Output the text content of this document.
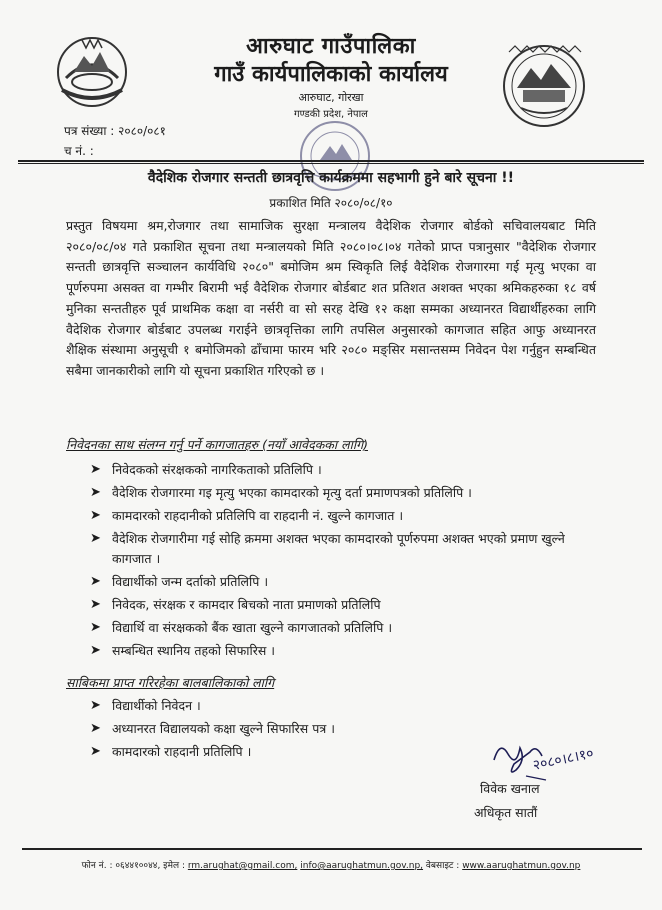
आरुघाट गाउँपालिका
गाउँ कार्यपालिकाको कार्यालय
आरुघाट, गोरखा
गण्डकी प्रदेश, नेपाल
पत्र संख्या : २०८०/०८१
च नं. :
वैदेशिक रोजगार सन्तती छात्रवृत्ति कार्यक्रममा सहभागी हुने बारे सूचना !!
प्रकाशित मिति २०८०/०८/१०
प्रस्तुत विषयमा श्रम,रोजगार तथा सामाजिक सुरक्षा मन्त्रालय वैदेशिक रोजगार बोर्डको सचिवालयबाट मिति २०८०/०८/०४ गते प्रकाशित सूचना तथा मन्त्रालयको मिति २०८०।०८।०४ गतेको प्राप्त पत्रानुसार "वैदेशिक रोजगार सन्तती छात्रवृत्ति सञ्चालन कार्यविधि २०८०" बमोजिम श्रम स्विकृति लिई वैदेशिक रोजगारमा गई मृत्यु भएका वा पूर्णरुपमा असक्त वा गम्भीर बिरामी भई वैदेशिक रोजगार बोर्डबाट शत प्रतिशत अशक्त भएका श्रमिकहरुका १८ वर्ष मुनिका सन्ततीहरु पूर्व प्राथमिक कक्षा वा नर्सरी वा सो सरह देखि १२ कक्षा सम्मका अध्यानरत विद्यार्थीहरुका लागि वैदेशिक रोजगार बोर्डबाट उपलब्ध गराईने छात्रवृत्तिका लागि तपसिल अनुसारको कागजात सहित आफु अध्यानरत शैक्षिक संस्थामा अनुसूची १ बमोजिमको ढाँचामा फारम भरि २०८० मङ्सिर मसान्तसम्म निवेदन पेश गर्नुहुन सम्बन्धित सबैमा जानकारीको लागि यो सूचना प्रकाशित गरिएको छ ।
निवेदनका साथ संलग्न गर्नु पर्ने कागजातहरु (नयाँ आवेदकका लागि)
➤ निवेदकको संरक्षकको नागरिकताको प्रतिलिपि ।
➤ वैदेशिक रोजगारमा गइ मृत्यु भएका कामदारको मृत्यु दर्ता प्रमाणपत्रको प्रतिलिपि ।
➤ कामदारको राहदानीको प्रतिलिपि वा राहदानी नं. खुल्ने कागजात ।
➤ वैदेशिक रोजगारीमा गई सोहि क्रममा अशक्त भएका कामदारको पूर्णरुपमा अशक्त भएको प्रमाण खुल्ने कागजात ।
➤ विद्यार्थीको जन्म दर्ताको प्रतिलिपि ।
➤ निवेदक, संरक्षक र कामदार बिचको नाता प्रमाणको प्रतिलिपि
➤ विद्यार्थि वा संरक्षकको बैंक खाता खुल्ने कागजातको प्रतिलिपि ।
➤ सम्बन्धित स्थानिय तहको सिफारिस ।
साबिकमा प्राप्त गरिरहेका बालबालिकाको लागि
➤ विद्यार्थीको निवेदन ।
➤ अध्यानरत विद्यालयको कक्षा खुल्ने सिफारिस पत्र ।
➤ कामदारको राहदानी प्रतिलिपि ।	२०८०।८।१०
विवेक खनाल
अधिकृत सातौं
फोन नं. : ०६४४१००४४, इमेल : rm.arughat@gmail.com, info@aarughatmun.gov.np, वेबसाइट : www.aarughatmun.gov.np
